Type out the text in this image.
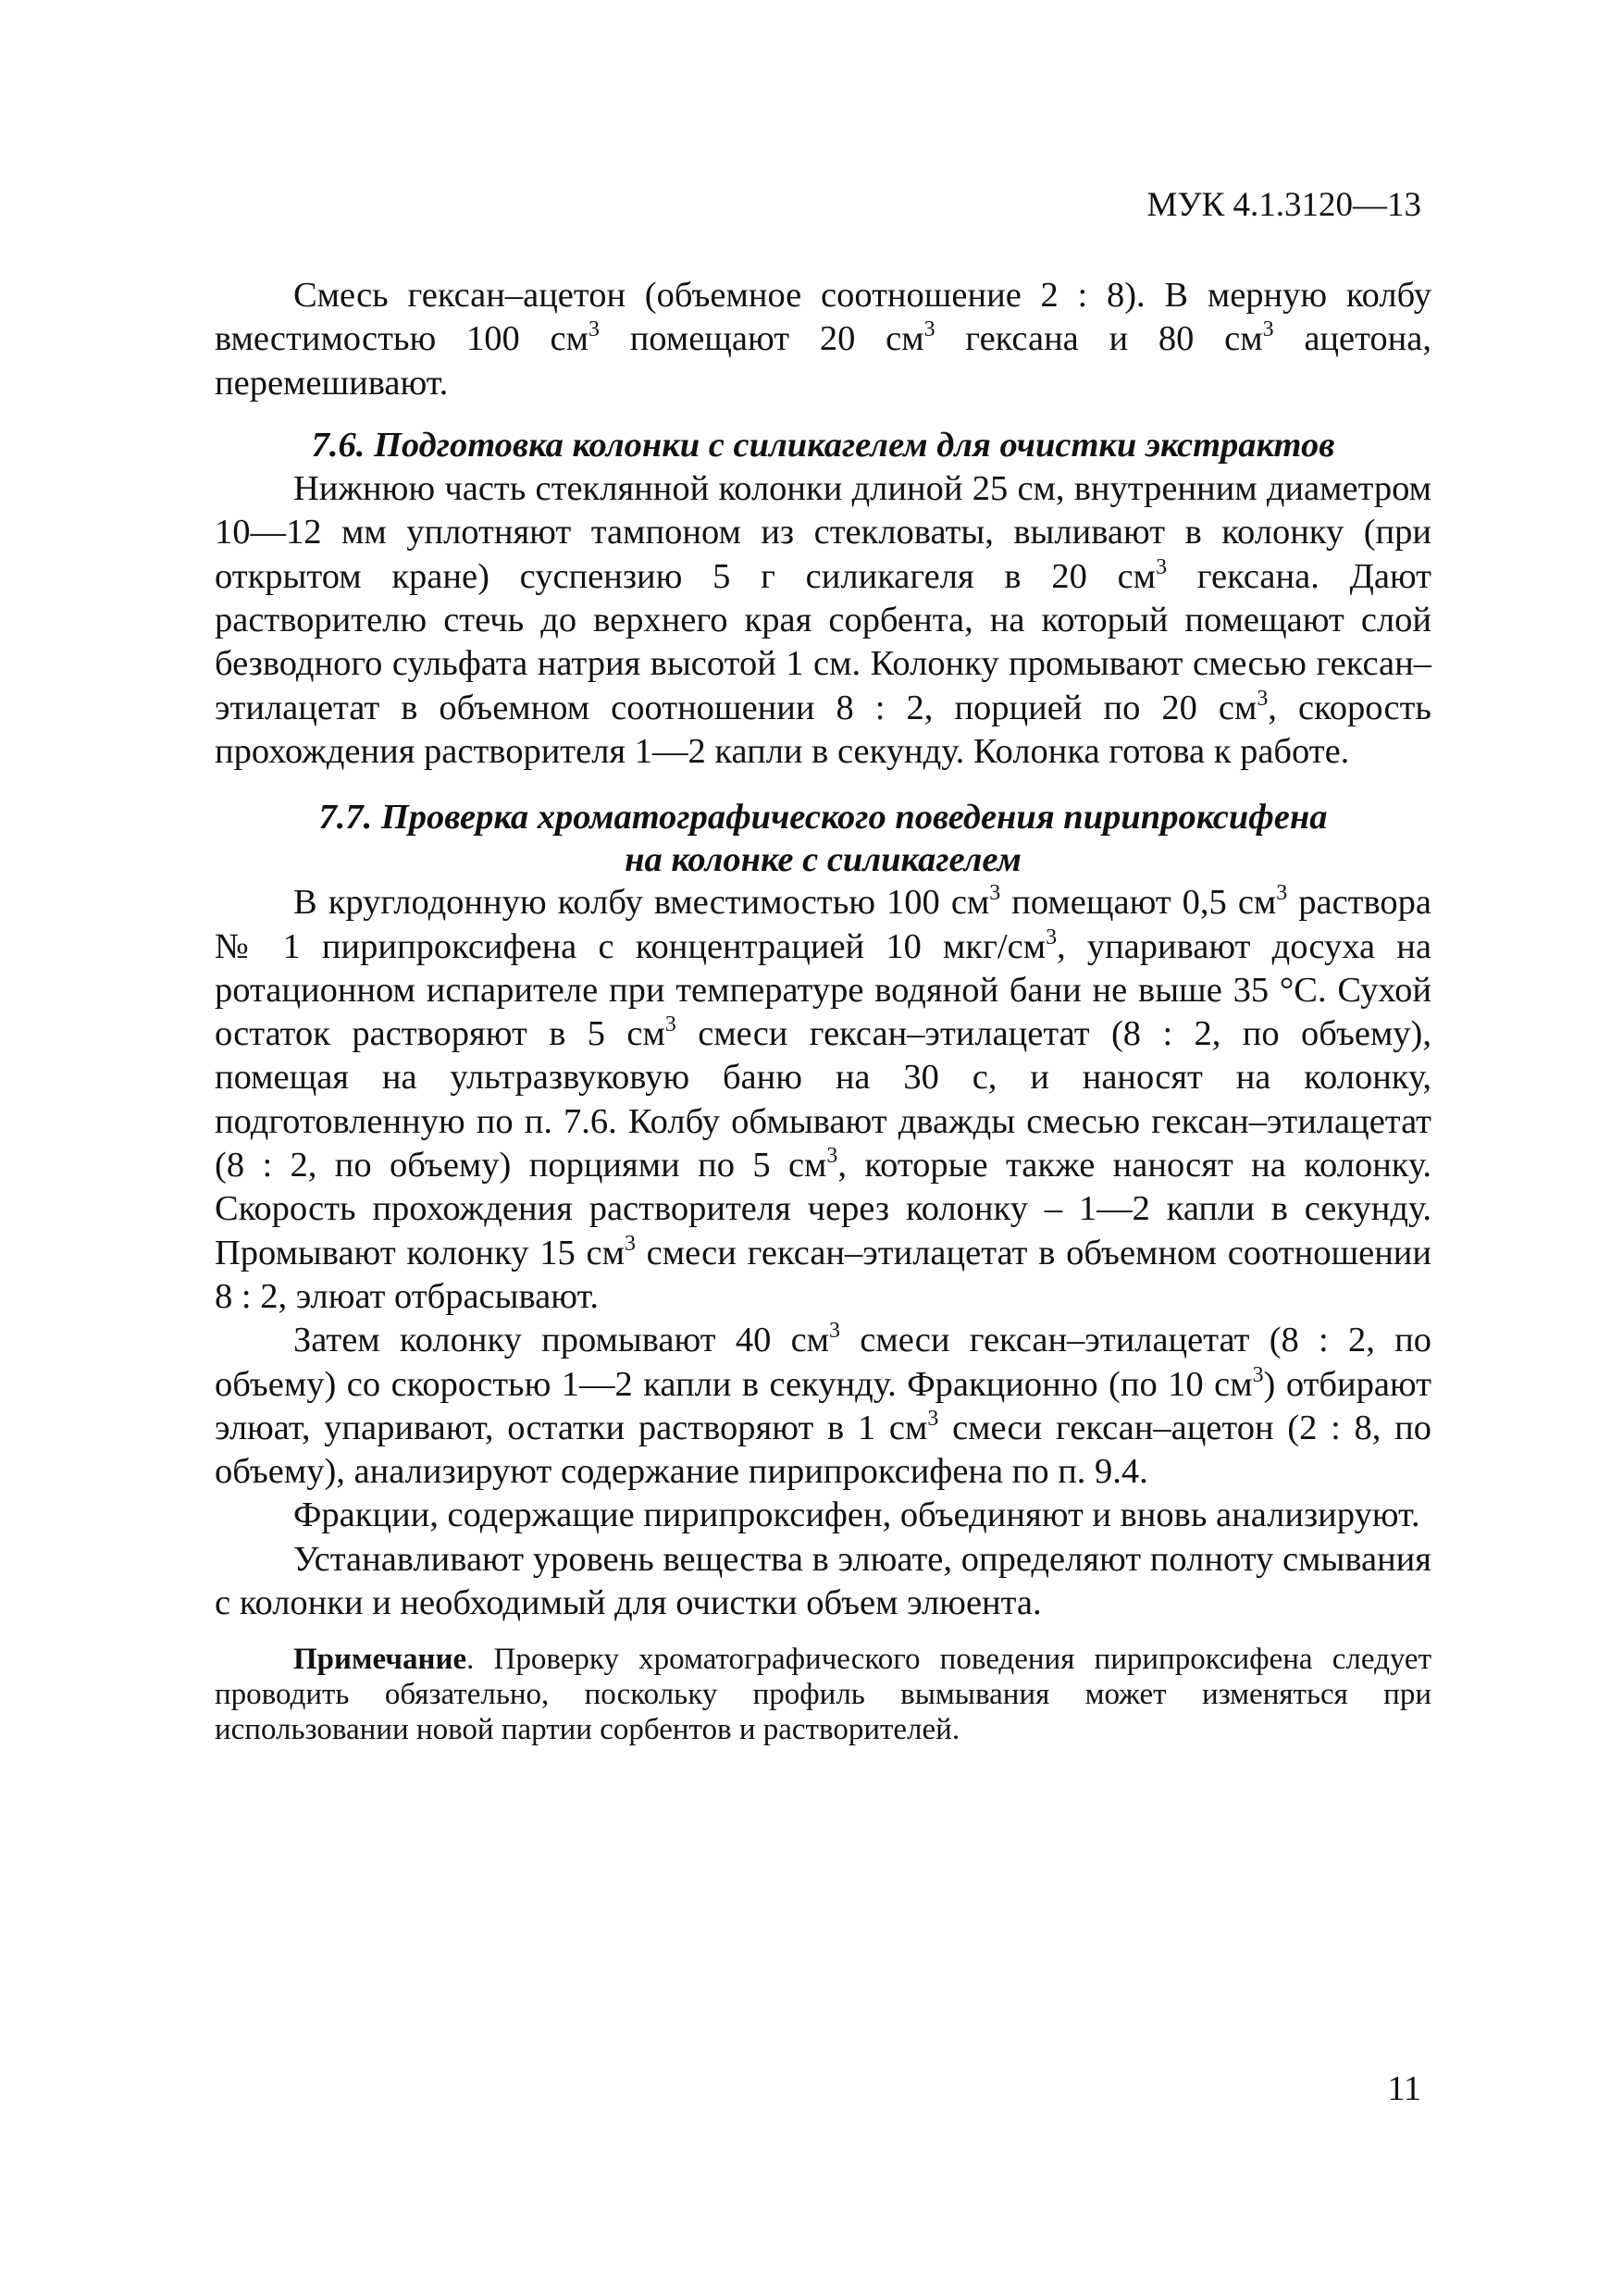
МУК 4.1.3120—13

Смесь гексан–ацетон (объемное соотношение 2 : 8). В мерную колбу вместимостью 100 $см^3$ помещают 20 $см^3$ гексана и 80 $см^3$ ацетона, перемешивают.

7.6. Подготовка колонки с силикагелем для очистки экстрактов

Нижнюю часть стеклянной колонки длиной 25 см, внутренним диаметром 10—12 мм уплотняют тампоном из стекловаты, выливают в колонку (при открытом кране) суспензию 5 г силикагеля в 20 $см^3$ гексана. Дают растворителю стечь до верхнего края сорбента, на который помещают слой безводного сульфата натрия высотой 1 см. Колонку промывают смесью гексан–этилацетат в объемном соотношении 8 : 2, порцией по 20 $см^3$, скорость прохождения растворителя 1—2 капли в секунду. Колонка готова к работе.

7.7. Проверка хроматографического поведения пирипроксифена
на колонке с силикагелем

В круглодонную колбу вместимостью 100 $см^3$ помещают 0,5 $см^3$ раствора № 1 пирипроксифена с концентрацией 10 мкг/$см^3$, упаривают досуха на ротационном испарителе при температуре водяной бани не выше 35 °С. Сухой остаток растворяют в 5 $см^3$ смеси гексан–этилацетат (8 : 2, по объему), помещая на ультразвуковую баню на 30 с, и наносят на колонку, подготовленную по п. 7.6. Колбу обмывают дважды смесью гексан–этилацетат (8 : 2, по объему) порциями по 5 $см^3$, которые также наносят на колонку. Скорость прохождения растворителя через колонку – 1—2 капли в секунду. Промывают колонку 15 $см^3$ смеси гексан–этилацетат в объемном соотношении 8 : 2, элюат отбрасывают.

Затем колонку промывают 40 $см^3$ смеси гексан–этилацетат (8 : 2, по объему) со скоростью 1—2 капли в секунду. Фракционно (по 10 $см^3$) отбирают элюат, упаривают, остатки растворяют в 1 $см^3$ смеси гексан–ацетон (2 : 8, по объему), анализируют содержание пирипроксифена по п. 9.4.

Фракции, содержащие пирипроксифен, объединяют и вновь анализируют.

Устанавливают уровень вещества в элюате, определяют полноту смывания с колонки и необходимый для очистки объем элюента.

Примечание. Проверку хроматографического поведения пирипроксифена следует проводить обязательно, поскольку профиль вымывания может изменяться при использовании новой партии сорбентов и растворителей.

11
